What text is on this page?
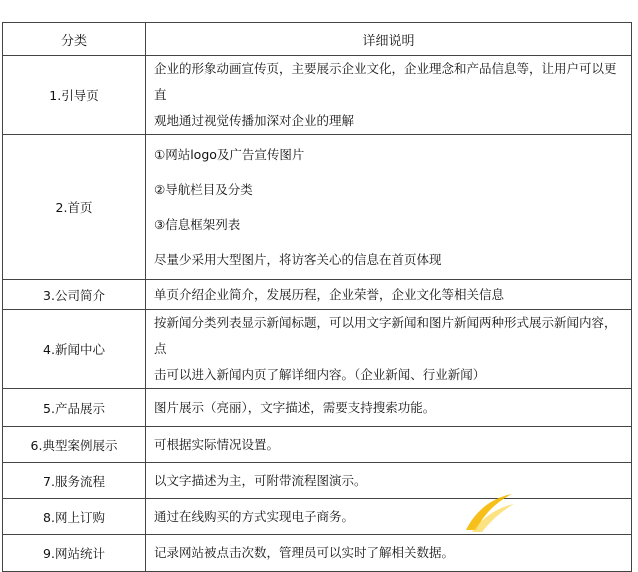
分类	详细说明
1.引导页	企业的形象动画宣传页，主要展示企业文化，企业理念和产品信息等，让用户可以更直
观地通过视觉传播加深对企业的理解

2.首页	①网站logo及广告宣传图片
②导航栏目及分类
③信息框架列表
尽量少采用大型图片，将访客关心的信息在首页体现

3.公司简介	单页介绍企业简介，发展历程，企业荣誉，企业文化等相关信息

4.新闻中心	按新闻分类列表显示新闻标题，可以用文字新闻和图片新闻两种形式展示新闻内容，点
击可以进入新闻内页了解详细内容。（企业新闻、行业新闻）

5.产品展示	图片展示（亮丽），文字描述，需要支持搜索功能。

6.典型案例展示	可根据实际情况设置。

7.服务流程	以文字描述为主，可附带流程图演示。

8.网上订购	通过在线购买的方式实现电子商务。

9.网站统计	记录网站被点击次数，管理员可以实时了解相关数据。
